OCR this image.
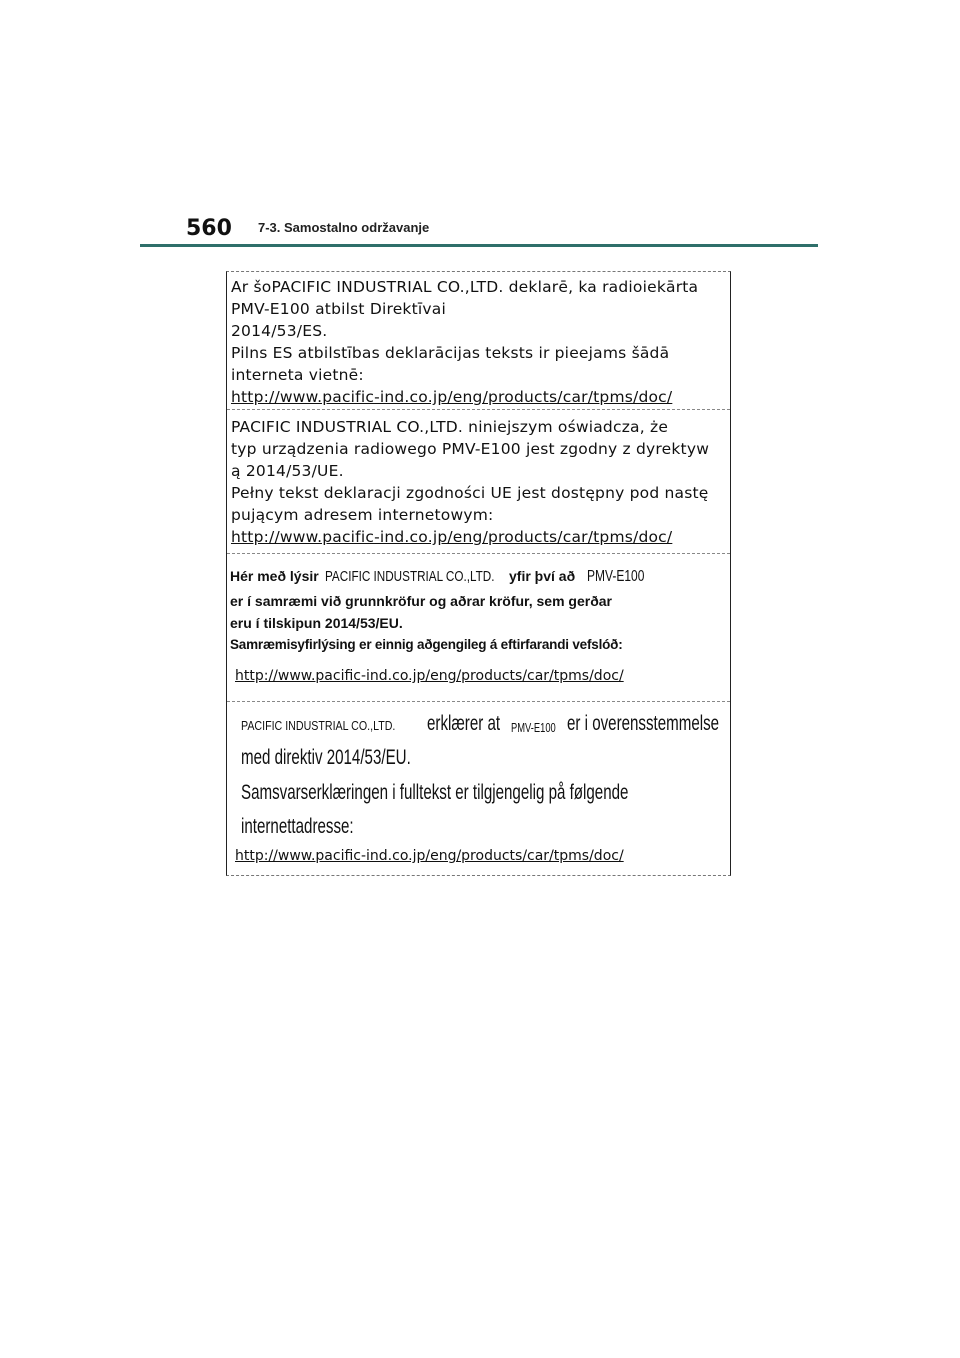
560 7-3. Samostalno održavanje

Ar šoPACIFIC INDUSTRIAL CO.,LTD. deklarē, ka radioiekārta

PMV-E100 atbilst Direktīvai

2014/53/ES.

Pilns ES atbilstības deklarācijas teksts ir pieejams šādā

interneta vietnē:

http://www.pacific-ind.co.jp/eng/products/car/tpms/doc/

PACIFIC INDUSTRIAL CO.,LTD. niniejszym oświadcza, że

typ urządzenia radiowego PMV-E100 jest zgodny z dyrektyw

ą 2014/53/UE.

Pełny tekst deklaracji zgodności UE jest dostępny pod nastę

pującym adresem internetowym:

http://www.pacific-ind.co.jp/eng/products/car/tpms/doc/

Hér með lýsir PACIFIC INDUSTRIAL CO.,LTD.	yfir því að PMV-E100
er í samræmi við grunnkröfur og aðrar kröfur, sem gerðar
eru í tilskipun 2014/53/EU.
Samræmisyfirlýsing er einnig aðgengileg á eftirfarandi vefslóð:
http://www.pacific-ind.co.jp/eng/products/car/tpms/doc/
PACIFIC INDUSTRIAL CO.,LTD.	erklærer at PMV-E100 er i overensstemmelse
med direktiv 2014/53/EU.
Samsvarserklæringen i fulltekst er tilgjengelig på følgende
internettadresse:
http://www.pacific-ind.co.jp/eng/products/car/tpms/doc/
